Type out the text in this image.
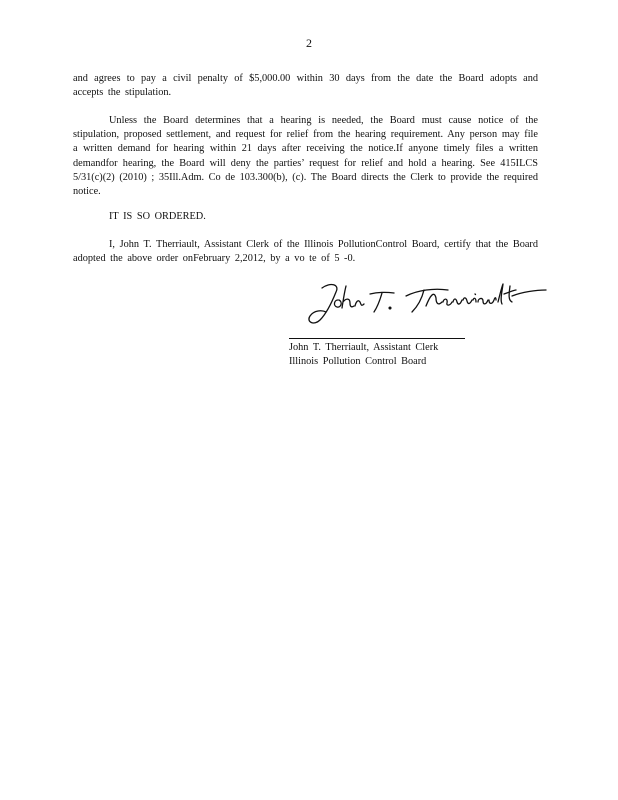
2
and agrees to pay a civil penalty of $5,000.00 within 30 days from the date the Board adopts and accepts the stipulation.
Unless the Board determines that a hearing is needed, the Board must cause notice of the stipulation, proposed settlement, and request for relief from the hearing requirement. Any person may file a written demand for hearing within 21 days after receiving the notice.If anyone timely files a written demandfor hearing, the Board will deny the parties’ request for relief and hold a hearing. See 415ILCS 5/31(c)(2) (2010) ; 35Ill.Adm. Co de 103.300(b), (c). The Board directs the Clerk to provide the required notice.
IT IS SO ORDERED.
I, John T. Therriault, Assistant Clerk of the Illinois PollutionControl Board, certify that the Board adopted the above order onFebruary 2,2012, by a vo te of 5 -0.
John T. Therriault, Assistant Clerk
Illinois Pollution Control Board
